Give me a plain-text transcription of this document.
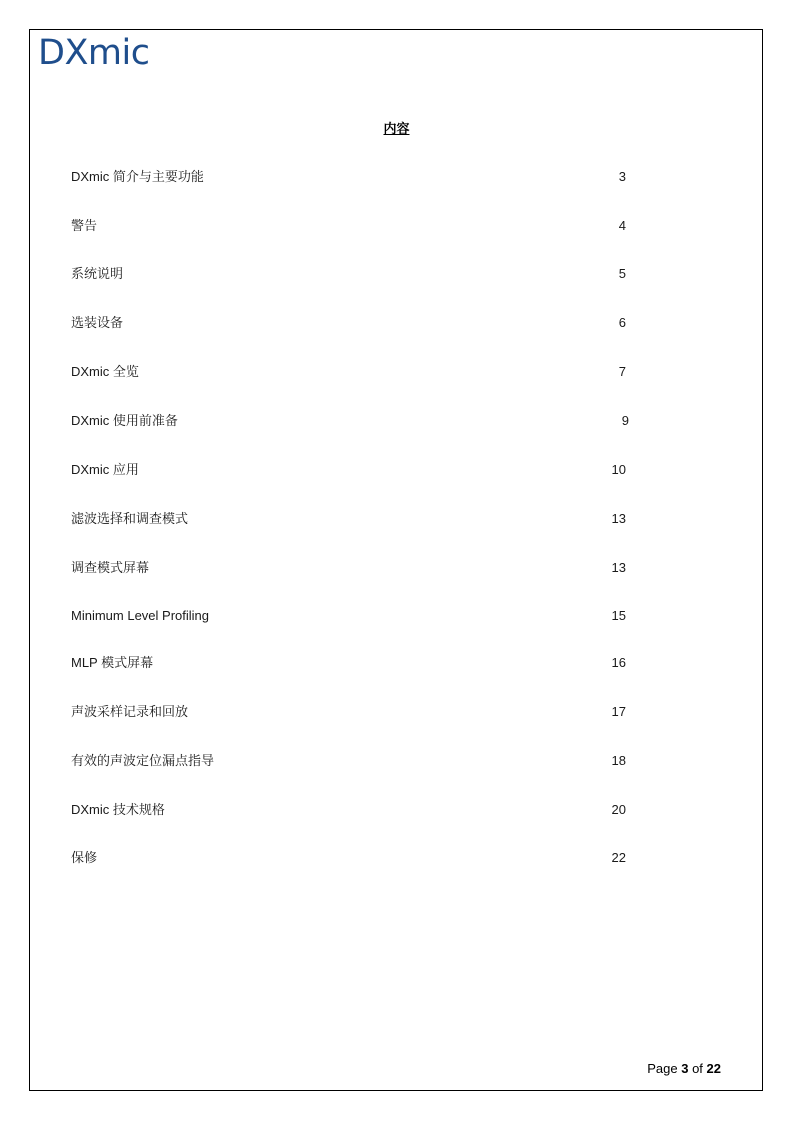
DXmic
内容
DXmic 简介与主要功能	3
警告	4
系统说明	5
选装设备	6
DXmic 全览	7
DXmic 使用前准备	9
DXmic 应用	10
滤波选择和调查模式	13
调查模式屏幕	13
Minimum Level Profiling	15
MLP 模式屏幕	16
声波采样记录和回放	17
有效的声波定位漏点指导	18
DXmic 技术规格	20
保修	22
Page 3 of 22
